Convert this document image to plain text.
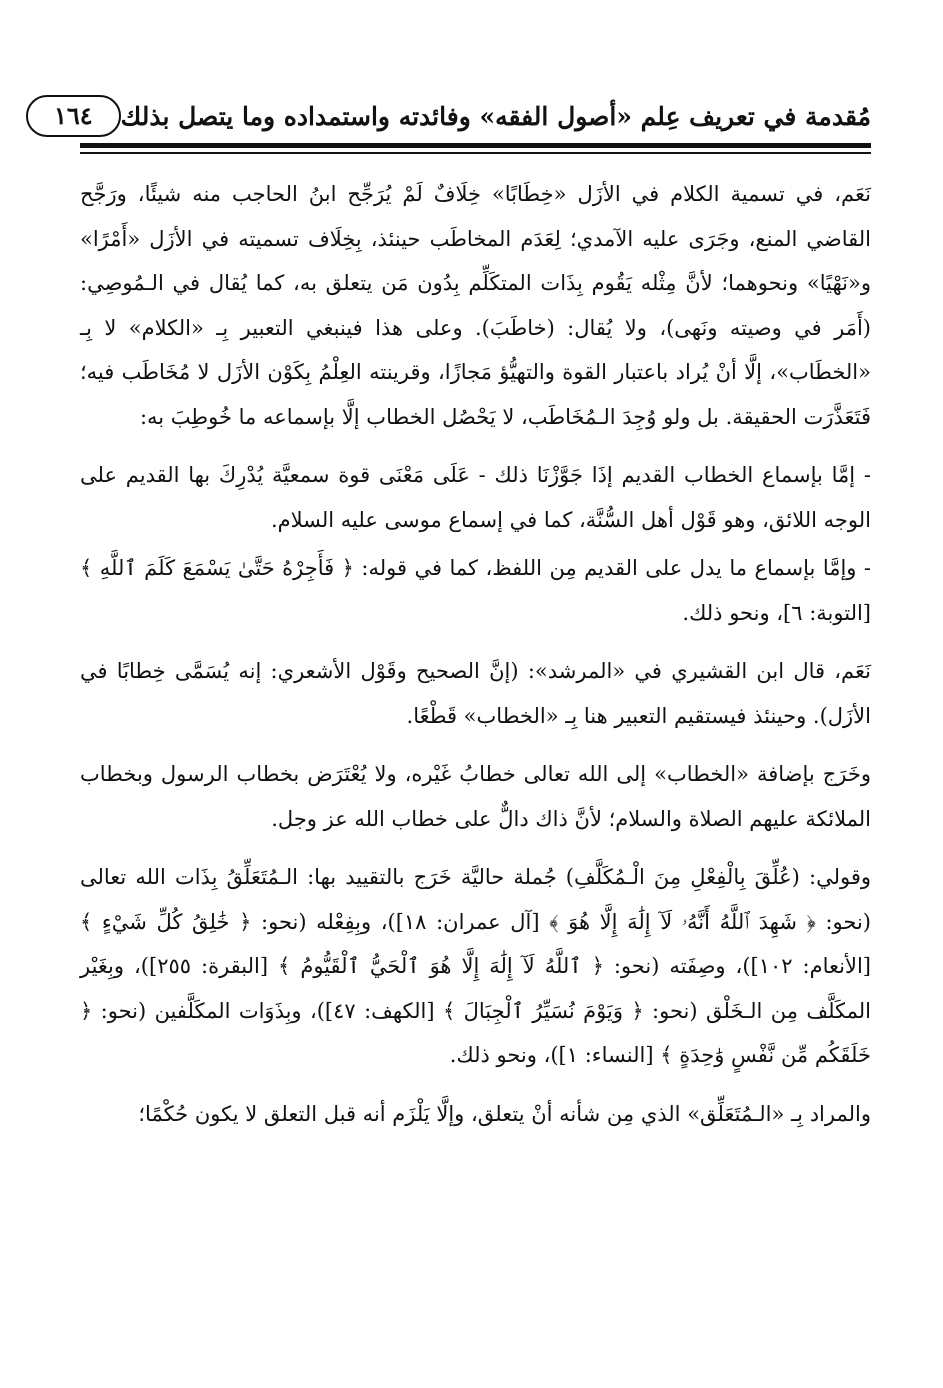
مُقدمة في تعريف عِلم «أصول الفقه» وفائدته واستمداده وما يتصل بذلك
١٦٤

نَعَم، في تسمية الكلام في الأزَل «خِطَابًا» خِلَافٌ لَمْ يُرَجِّح ابنُ الحاجب منه شيئًا، ورَجَّح القاضي المنع، وجَرَى عليه الآمدي؛ لِعَدَم المخاطَب حينئذ، بِخِلَاف تسميته في الأزَل «أَمْرًا» و«نَهْيًا» ونحوهما؛ لأنَّ مِثْله يَقُوم بِذَات المتكَلِّم بِدُون مَن يتعلق به، كما يُقال في الـمُوصِي: (أَمَر في وصيته ونَهى)، ولا يُقال: (خاطَبَ). وعلى هذا فينبغي التعبير بِـ «الكلام» لا بِـ «الخطَاب»، إلَّا أنْ يُراد باعتبار القوة والتهيُّؤ مَجازًا، وقرينته العِلْمُ بِكَوْن الأزَل لا مُخَاطَب فيه؛ فَتَعَذَّرَت الحقيقة. بل ولو وُجِدَ الـمُخَاطَب، لا يَحْصُل الخطاب إلَّا بإسماعه ما خُوطِبَ به:

- إمَّا بإسماع الخطاب القديم إذَا جَوَّزْنَا ذلك - عَلَى مَعْنَى قوة سمعيَّة يُدْرِكَ بها القديم على الوجه اللائق، وهو قَوْل أهل السُّنَّة، كما في إسماع موسى عليه السلام.

- وإمَّا بإسماع ما يدل على القديم مِن اللفظ، كما في قوله: ﴿ فَأَجِرْهُ حَتَّىٰ يَسْمَعَ كَلَمَ ٱللَّهِ ﴾ [التوبة: ٦]، ونحو ذلك.

نَعَم، قال ابن القشيري في «المرشد»: (إنَّ الصحيح وقَوْل الأشعري: إنه يُسَمَّى خِطابًا في الأزَل). وحينئذ فيستقيم التعبير هنا بِـ «الخطاب» قَطْعًا.

وخَرَج بإضافة «الخطاب» إلى الله تعالى خطابُ غَيْره، ولا يُعْتَرَض بخطاب الرسول وبخطاب الملائكة عليهم الصلاة والسلام؛ لأنَّ ذاك دالٌّ على خطاب الله عز وجل.

وقولي: (عُلِّقَ بِالْفِعْلِ مِنَ الْـمُكَلَّفِ) جُملة حاليَّة خَرَج بالتقييد بها: الـمُتَعَلِّقُ بِذَات الله تعالى (نحو: ﴿ شَهِدَ ٱللَّهُ أَنَّهُۥ لَآ إِلَٰهَ إِلَّا هُوَ ﴾ [آل عمران: ١٨])، وبِفِعْله (نحو: ﴿ خَٰلِقُ كُلِّ شَيْءٍ ﴾ [الأنعام: ١٠٢])، وصِفَته (نحو: ﴿ ٱللَّهُ لَآ إِلَٰهَ إِلَّا هُوَ ٱلْحَيُّ ٱلْقَيُّومُ ﴾ [البقرة: ٢٥٥])، وبِغَيْر المكَلَّف مِن الـخَلْق (نحو: ﴿ وَيَوْمَ نُسَيِّرُ ٱلْجِبَالَ ﴾ [الكهف: ٤٧])، وبِذَوَات المكَلَّفين (نحو: ﴿ خَلَقَكُم مِّن نَّفْسٍ وَٰحِدَةٍ ﴾ [النساء: ١])، ونحو ذلك.

والمراد بِـ «الـمُتَعَلِّق» الذي مِن شأنه أنْ يتعلق، وإلَّا يَلْزَم أنه قبل التعلق لا يكون حُكْمًا؛
